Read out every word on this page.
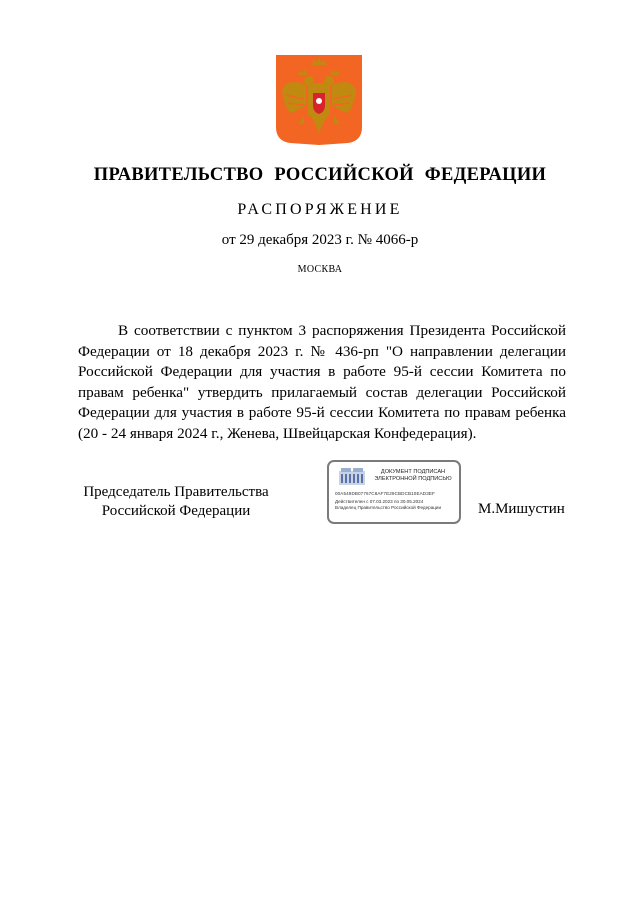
ПРАВИТЕЛЬСТВО РОССИЙСКОЙ ФЕДЕРАЦИИ
РАСПОРЯЖЕНИЕ
от 29 декабря 2023 г. № 4066-р
МОСКВА
В соответствии с пунктом 3 распоряжения Президента Российской Федерации от 18 декабря 2023 г. № 436-рп "О направлении делегации Российской Федерации для участия в работе 95-й сессии Комитета по правам ребенка" утвердить прилагаемый состав делегации Российской Федерации для участия в работе 95-й сессии Комитета по правам ребенка (20 - 24 января 2024 г., Женева, Швейцарская Конфедерация).
Председатель Правительства
Российской Федерации
ДОКУМЕНТ ПОДПИСАН
ЭЛЕКТРОННОЙ ПОДПИСЬЮ
00A549DB07767C8AF7E29CBDCB10EAD3EF
Действителен с 07.03.2023 по 30.05.2024
Владелец Правительство Российской Федерации	М.Мишустин
